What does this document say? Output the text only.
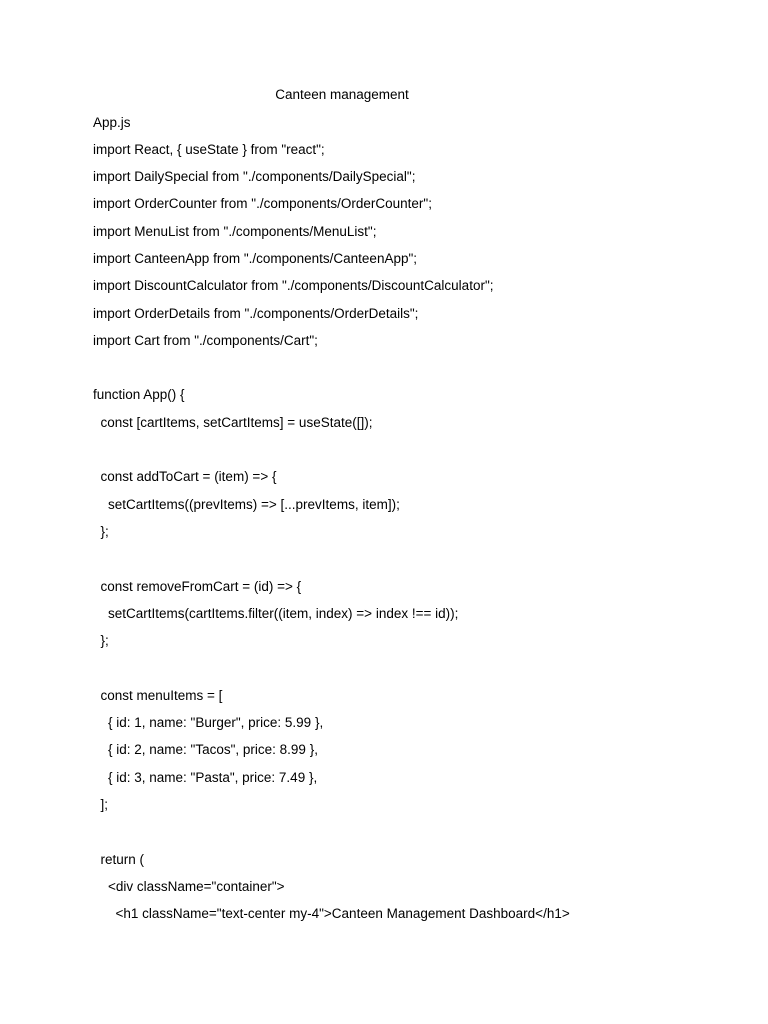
Canteen management
App.js
import React, { useState } from "react";
import DailySpecial from "./components/DailySpecial";
import OrderCounter from "./components/OrderCounter";
import MenuList from "./components/MenuList";
import CanteenApp from "./components/CanteenApp";
import DiscountCalculator from "./components/DiscountCalculator";
import OrderDetails from "./components/OrderDetails";
import Cart from "./components/Cart";
function App() {
const [cartItems, setCartItems] = useState([]);
const addToCart = (item) => {
setCartItems((prevItems) => [...prevItems, item]);
};
const removeFromCart = (id) => {
setCartItems(cartItems.filter((item, index) => index !== id));
};
const menuItems = [
{ id: 1, name: "Burger", price: 5.99 },
{ id: 2, name: "Tacos", price: 8.99 },
{ id: 3, name: "Pasta", price: 7.49 },
];
return (
<div className="container">
<h1 className="text-center my-4">Canteen Management Dashboard</h1>
